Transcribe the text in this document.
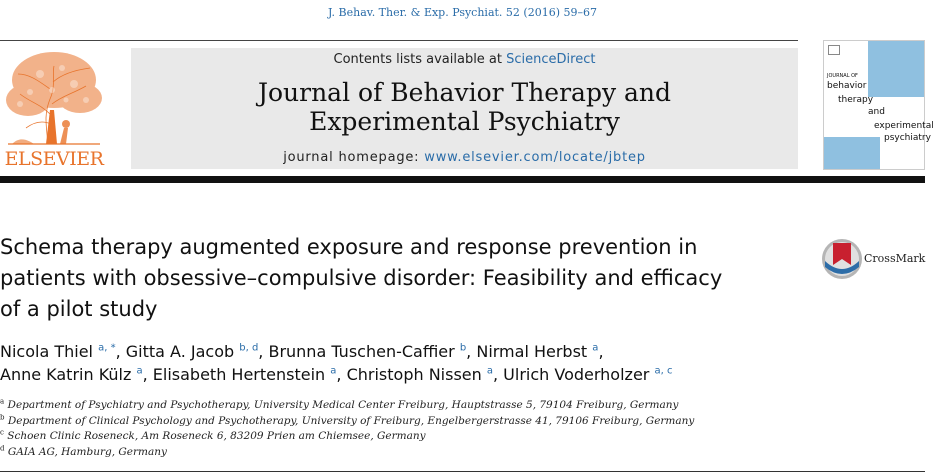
J. Behav. Ther. & Exp. Psychiat. 52 (2016) 59–67
ELSEVIER
Contents lists available at ScienceDirect
Journal of Behavior Therapy and
Experimental Psychiatry
journal homepage: www.elsevier.com/locate/jbtep
JOURNAL OF
behavior
therapy
and
experimental
psychiatry
Schema therapy augmented exposure and response prevention in
patients with obsessive–compulsive disorder: Feasibility and efficacy
of a pilot study
CrossMark
Nicola Thiel $^{a, *}$, Gitta A. Jacob $^{b, d}$, Brunna Tuschen-Caffier $^b$, Nirmal Herbst $^a$,
Anne Katrin Külz $^a$, Elisabeth Hertenstein $^a$, Christoph Nissen $^a$, Ulrich Voderholzer $^{a, c}$
$^a$ Department of Psychiatry and Psychotherapy, University Medical Center Freiburg, Hauptstrasse 5, 79104 Freiburg, Germany
$^b$ Department of Clinical Psychology and Psychotherapy, University of Freiburg, Engelbergerstrasse 41, 79106 Freiburg, Germany
$^c$ Schoen Clinic Roseneck, Am Roseneck 6, 83209 Prien am Chiemsee, Germany
$^d$ GAIA AG, Hamburg, Germany
